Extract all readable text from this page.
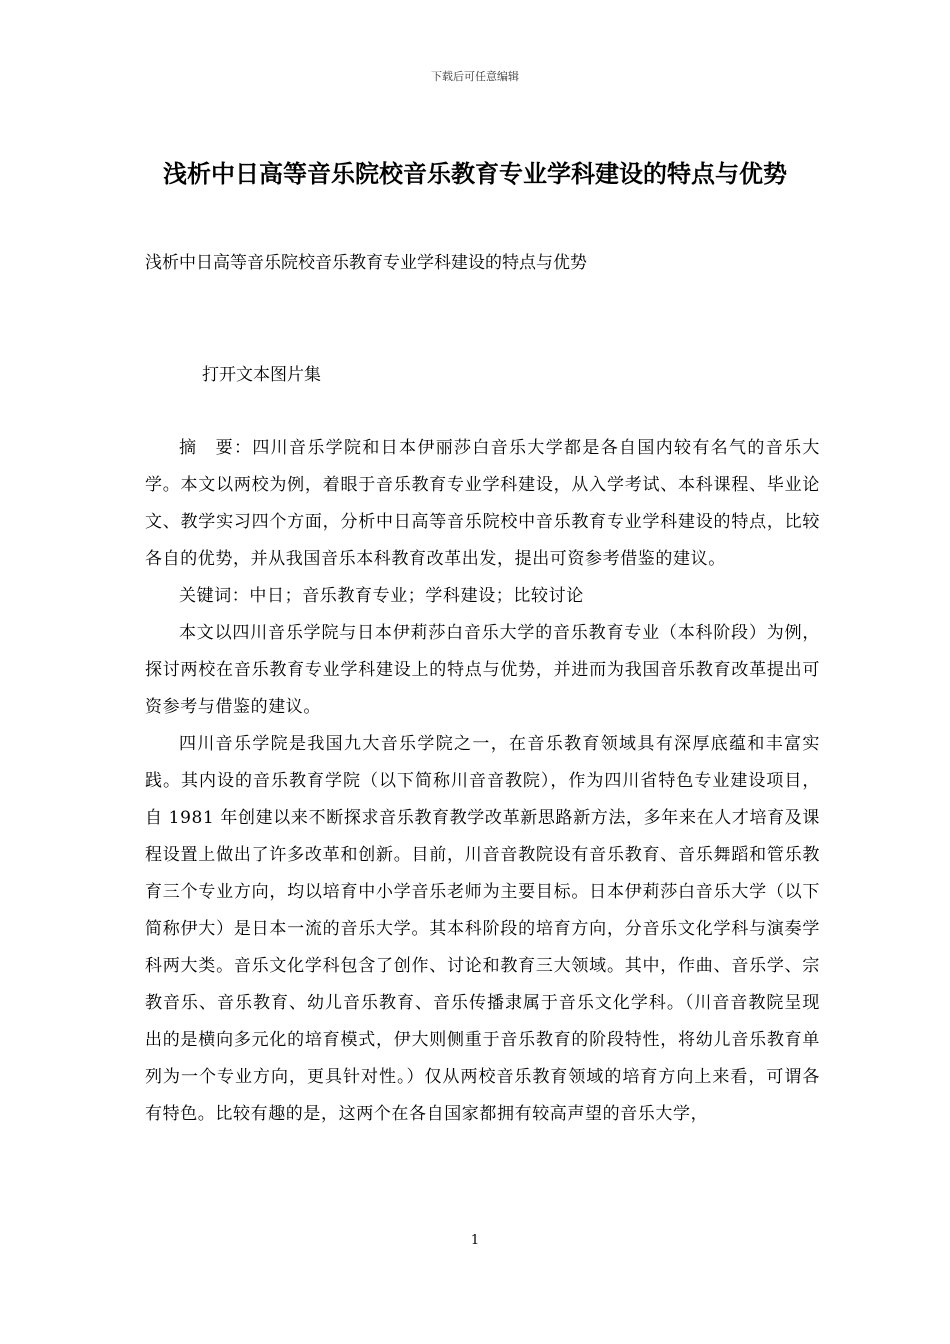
下载后可任意编辑
浅析中日高等音乐院校音乐教育专业学科建设的特点与优势

浅析中日高等音乐院校音乐教育专业学科建设的特点与优势

打开文本图片集

摘　要：四川音乐学院和日本伊丽莎白音乐大学都是各自国内较有名气的音乐大学。本文以两校为例，着眼于音乐教育专业学科建设，从入学考试、本科课程、毕业论文、教学实习四个方面，分析中日高等音乐院校中音乐教育专业学科建设的特点，比较各自的优势，并从我国音乐本科教育改革出发，提出可资参考借鉴的建议。

关键词：中日；音乐教育专业；学科建设；比较讨论

本文以四川音乐学院与日本伊莉莎白音乐大学的音乐教育专业（本科阶段）为例，探讨两校在音乐教育专业学科建设上的特点与优势，并进而为我国音乐教育改革提出可资参考与借鉴的建议。

四川音乐学院是我国九大音乐学院之一，在音乐教育领域具有深厚底蕴和丰富实践。其内设的音乐教育学院（以下简称川音音教院），作为四川省特色专业建设项目，自 1981 年创建以来不断探求音乐教育教学改革新思路新方法，多年来在人才培育及课程设置上做出了许多改革和创新。目前，川音音教院设有音乐教育、音乐舞蹈和管乐教育三个专业方向，均以培育中小学音乐老师为主要目标。日本伊莉莎白音乐大学（以下简称伊大）是日本一流的音乐大学。其本科阶段的培育方向，分音乐文化学科与演奏学科两大类。音乐文化学科包含了创作、讨论和教育三大领域。其中，作曲、音乐学、宗教音乐、音乐教育、幼儿音乐教育、音乐传播隶属于音乐文化学科。（川音音教院呈现出的是横向多元化的培育模式，伊大则侧重于音乐教育的阶段特性，将幼儿音乐教育单列为一个专业方向，更具针对性。）仅从两校音乐教育领域的培育方向上来看，可谓各有特色。比较有趣的是，这两个在各自国家都拥有较高声望的音乐大学，

1
